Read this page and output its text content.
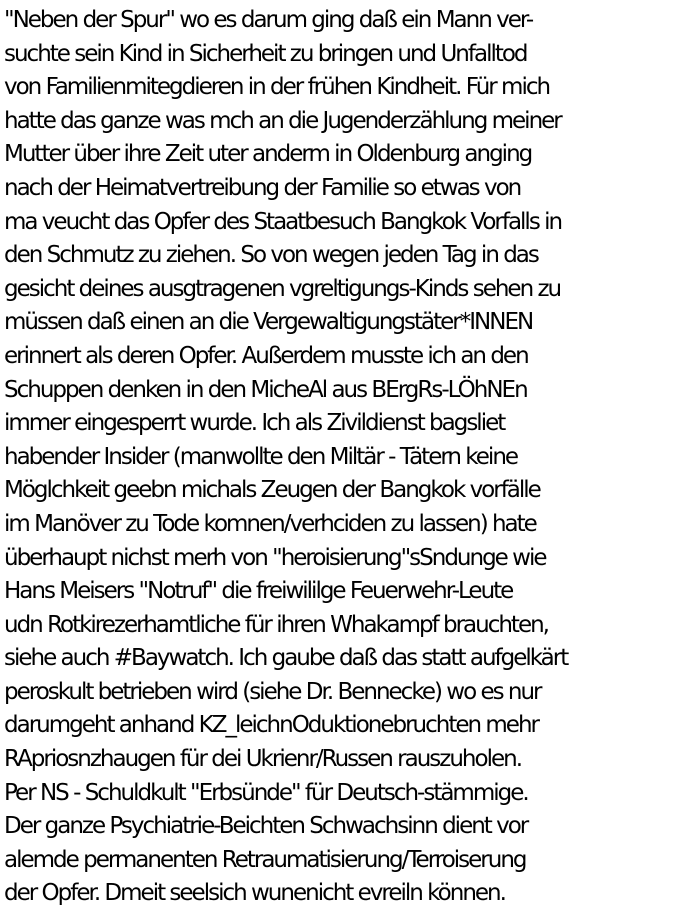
"Neben der Spur" wo es darum ging daß ein Mann ver-
suchte sein Kind in Sicherheit zu bringen und Unfalltod
von Familienmitegdieren in der frühen Kindheit. Für mich
hatte das ganze was mch an die Jugenderzählung meiner
Mutter über ihre Zeit uter anderm in Oldenburg anging
nach der Heimatvertreibung der Familie so etwas von
ma veucht das Opfer des Staatbesuch Bangkok Vorfalls in
den Schmutz zu ziehen. So von wegen jeden Tag in das
gesicht deines ausgtragenen vgreltigungs-Kinds sehen zu
müssen daß einen an die Vergewaltigungstäter*INNEN
erinnert als deren Opfer. Außerdem musste ich an den
Schuppen denken in den MicheAl aus BErgRs-LÖhNEn
immer eingesperrt wurde. Ich als Zivildienst bagsliet
habender Insider (manwollte den Miltär - Tätern keine
Möglchkeit geebn michals Zeugen der Bangkok vorfälle
im Manöver zu Tode komnen/verhciden zu lassen) hate
überhaupt nichst merh von "heroisierung"sSndunge wie
Hans Meisers "Notruf" die freiwililge Feuerwehr-Leute
udn Rotkirezerhamtliche für ihren Whakampf brauchten,
siehe auch #Baywatch. Ich gaube daß das statt aufgelkärt
peroskult betrieben wird (siehe Dr. Bennecke) wo es nur
darumgeht anhand KZ_leichnOduktionebruchten mehr
RApriosnzhaugen für dei Ukrienr/Russen rauszuholen.
Per NS - Schuldkult "Erbsünde" für Deutsch-stämmige.
Der ganze Psychiatrie-Beichten Schwachsinn dient vor
alemde permanenten Retraumatisierung/Terroiserung
der Opfer. Dmeit seelsich wunenicht evreiln können.
